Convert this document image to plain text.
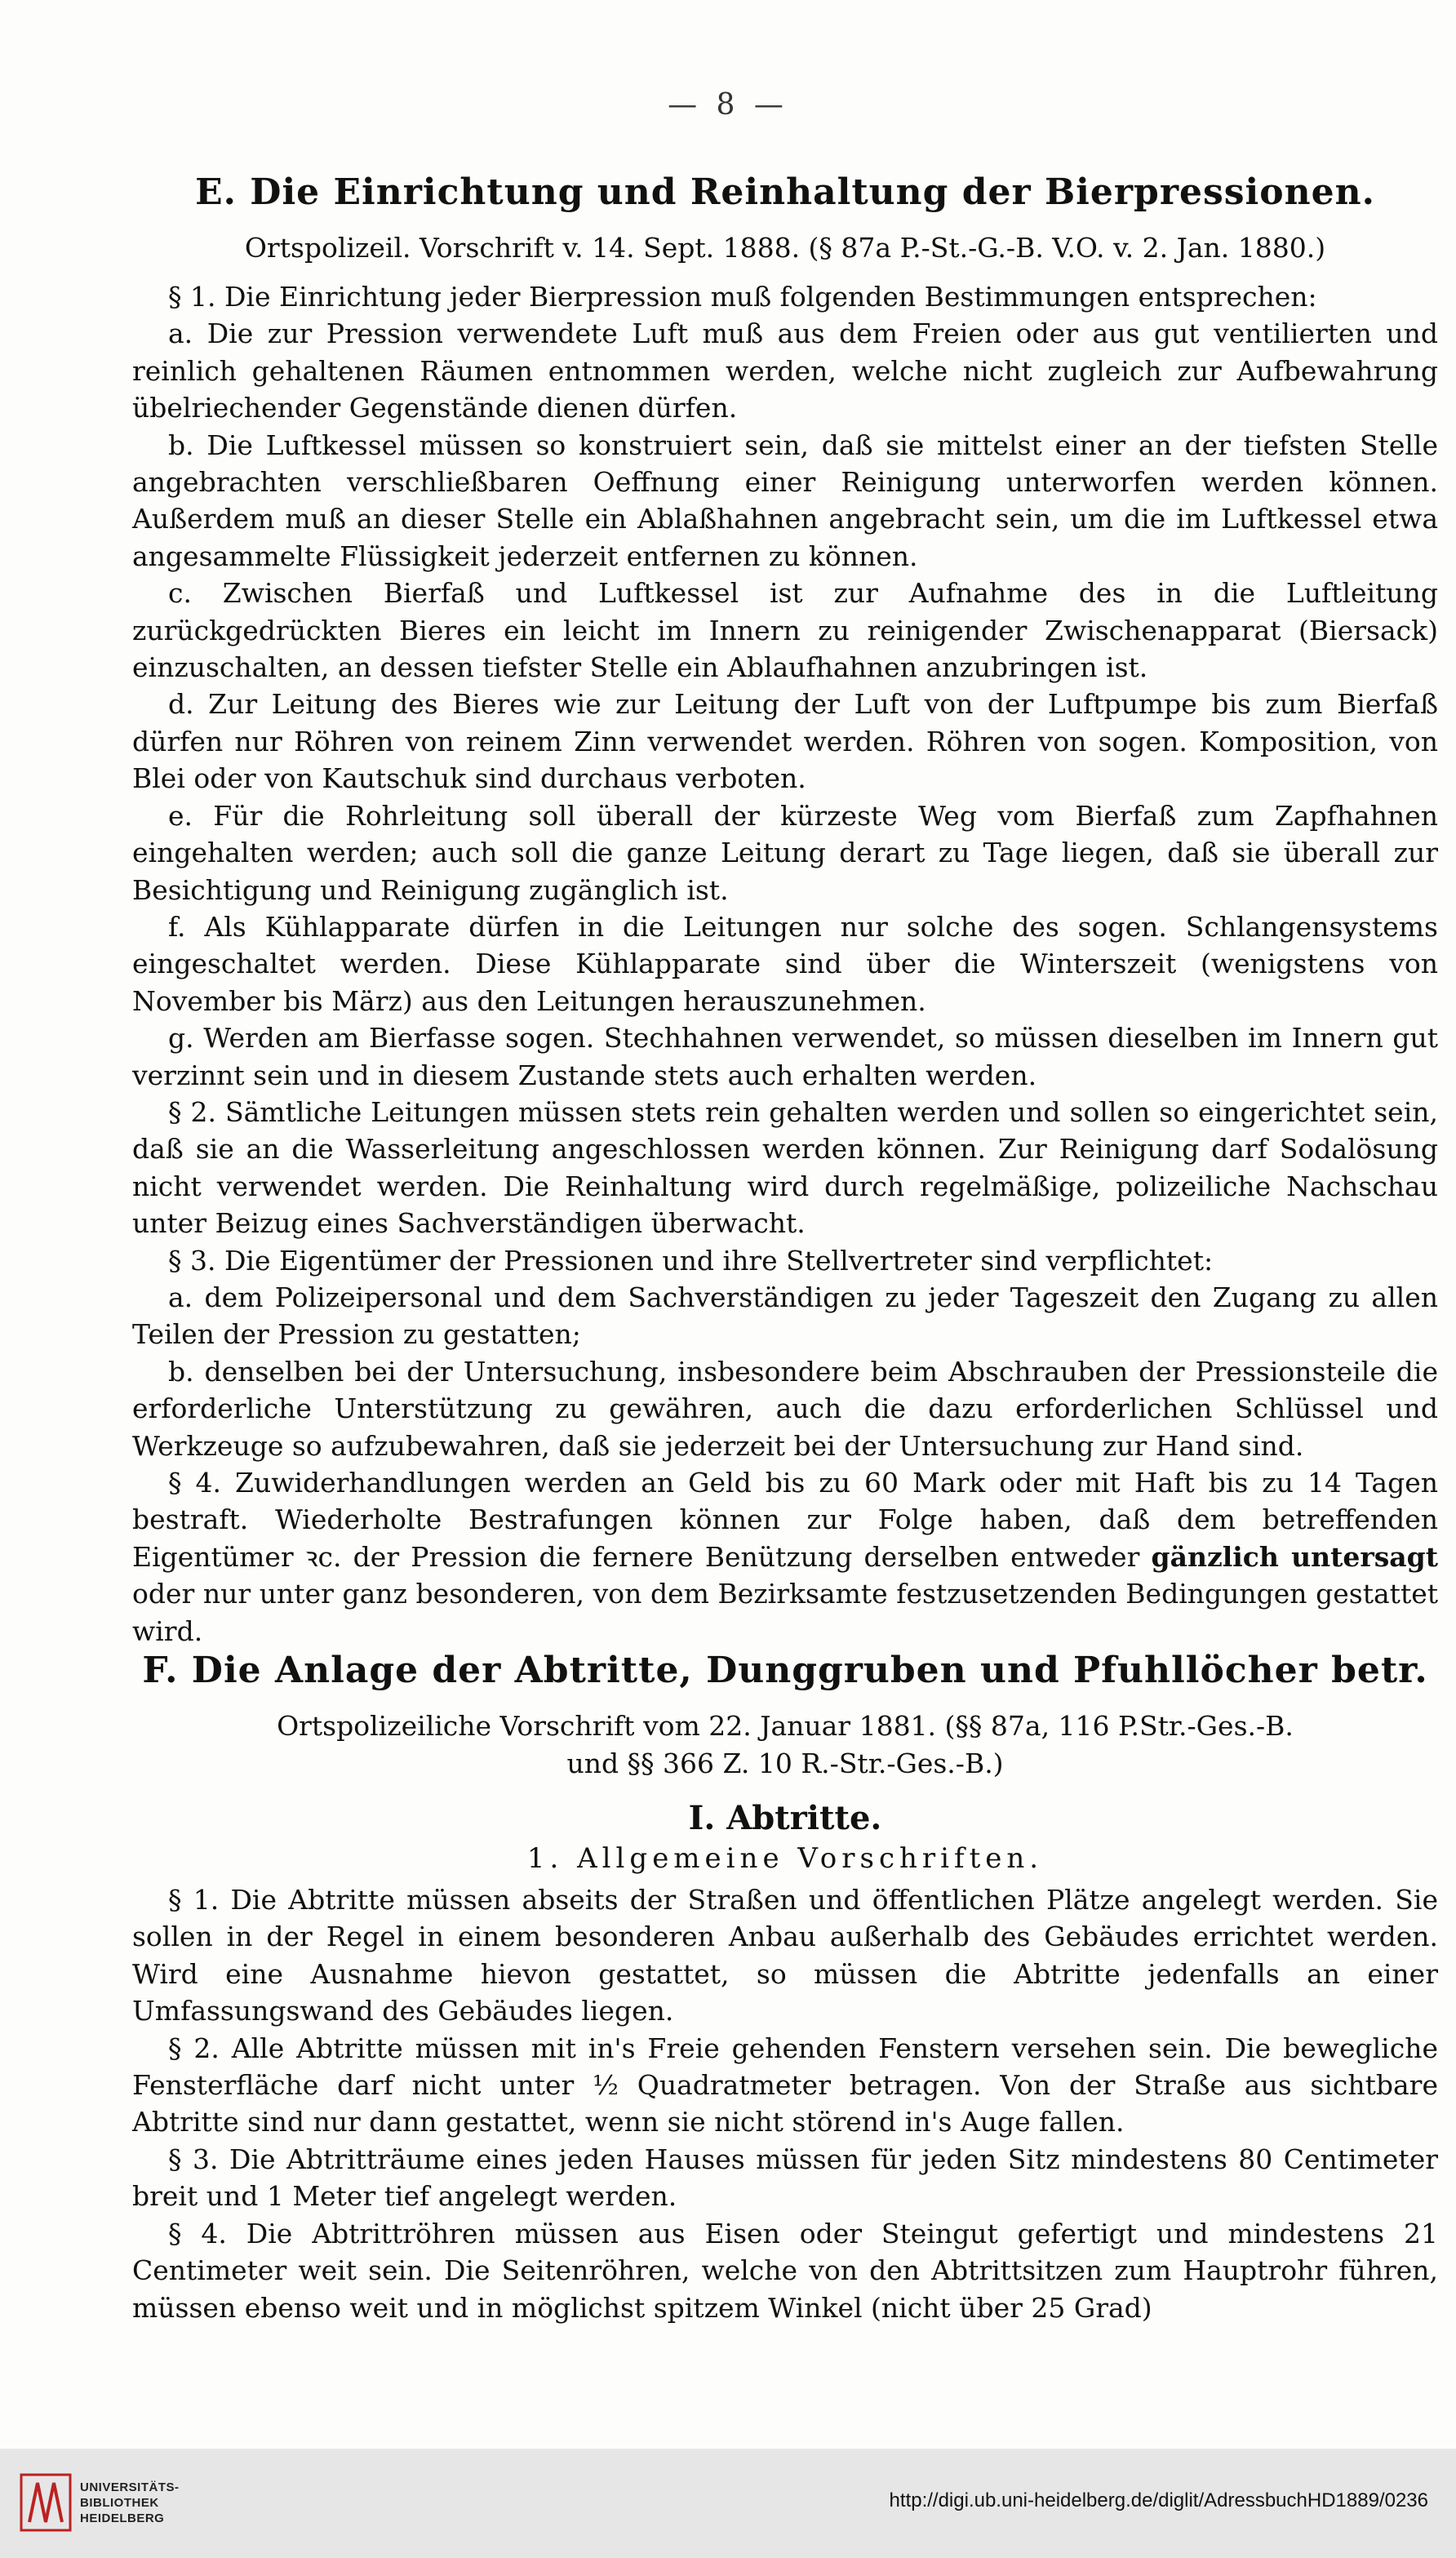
— 8 —
E. Die Einrichtung und Reinhaltung der Bierpressionen.
Ortspolizeil. Vorschrift v. 14. Sept. 1888. (§ 87a P.-St.-G.-B. V.O. v. 2. Jan. 1880.)

§ 1. Die Einrichtung jeder Bierpression muß folgenden Bestimmungen entsprechen:

a. Die zur Pression verwendete Luft muß aus dem Freien oder aus gut ventilierten und reinlich gehaltenen Räumen entnommen werden, welche nicht zugleich zur Aufbewahrung übelriechender Gegenstände dienen dürfen.

b. Die Luftkessel müssen so konstruiert sein, daß sie mittelst einer an der tiefsten Stelle angebrachten verschließbaren Oeffnung einer Reinigung unterworfen werden können. Außerdem muß an dieser Stelle ein Ablaßhahnen angebracht sein, um die im Luftkessel etwa angesammelte Flüssigkeit jederzeit entfernen zu können.

c. Zwischen Bierfaß und Luftkessel ist zur Aufnahme des in die Luftleitung zurückgedrückten Bieres ein leicht im Innern zu reinigender Zwischenapparat (Biersack) einzuschalten, an dessen tiefster Stelle ein Ablaufhahnen anzubringen ist.

d. Zur Leitung des Bieres wie zur Leitung der Luft von der Luftpumpe bis zum Bierfaß dürfen nur Röhren von reinem Zinn verwendet werden. Röhren von sogen. Komposition, von Blei oder von Kautschuk sind durchaus verboten.

e. Für die Rohrleitung soll überall der kürzeste Weg vom Bierfaß zum Zapfhahnen eingehalten werden; auch soll die ganze Leitung derart zu Tage liegen, daß sie überall zur Besichtigung und Reinigung zugänglich ist.

f. Als Kühlapparate dürfen in die Leitungen nur solche des sogen. Schlangensystems eingeschaltet werden. Diese Kühlapparate sind über die Winterszeit (wenigstens von November bis März) aus den Leitungen herauszunehmen.

g. Werden am Bierfasse sogen. Stechhahnen verwendet, so müssen dieselben im Innern gut verzinnt sein und in diesem Zustande stets auch erhalten werden.

§ 2. Sämtliche Leitungen müssen stets rein gehalten werden und sollen so eingerichtet sein, daß sie an die Wasserleitung angeschlossen werden können. Zur Reinigung darf Sodalösung nicht verwendet werden. Die Reinhaltung wird durch regelmäßige, polizeiliche Nachschau unter Beizug eines Sachverständigen überwacht.

§ 3. Die Eigentümer der Pressionen und ihre Stellvertreter sind verpflichtet:

a. dem Polizeipersonal und dem Sachverständigen zu jeder Tageszeit den Zugang zu allen Teilen der Pression zu gestatten;

b. denselben bei der Untersuchung, insbesondere beim Abschrauben der Pressionsteile die erforderliche Unterstützung zu gewähren, auch die dazu erforderlichen Schlüssel und Werkzeuge so aufzubewahren, daß sie jederzeit bei der Untersuchung zur Hand sind.

§ 4. Zuwiderhandlungen werden an Geld bis zu 60 Mark oder mit Haft bis zu 14 Tagen bestraft. Wiederholte Bestrafungen können zur Folge haben, daß dem betreffenden Eigentümer ꝛc. der Pression die fernere Benützung derselben entweder gänzlich untersagt oder nur unter ganz besonderen, von dem Bezirksamte festzusetzenden Bedingungen gestattet wird.

F. Die Anlage der Abtritte, Dunggruben und Pfuhllöcher betr.
Ortspolizeiliche Vorschrift vom 22. Januar 1881. (§§ 87a, 116 P.Str.-Ges.-B.
und §§ 366 Z. 10 R.-Str.-Ges.-B.)
I. Abtritte.
1. Allgemeine Vorschriften.

§ 1. Die Abtritte müssen abseits der Straßen und öffentlichen Plätze angelegt werden. Sie sollen in der Regel in einem besonderen Anbau außerhalb des Gebäudes errichtet werden. Wird eine Ausnahme hievon gestattet, so müssen die Abtritte jedenfalls an einer Umfassungswand des Gebäudes liegen.

§ 2. Alle Abtritte müssen mit in's Freie gehenden Fenstern versehen sein. Die bewegliche Fensterfläche darf nicht unter ½ Quadratmeter betragen. Von der Straße aus sichtbare Abtritte sind nur dann gestattet, wenn sie nicht störend in's Auge fallen.

§ 3. Die Abtritträume eines jeden Hauses müssen für jeden Sitz mindestens 80 Centimeter breit und 1 Meter tief angelegt werden.

§ 4. Die Abtrittröhren müssen aus Eisen oder Steingut gefertigt und mindestens 21 Centimeter weit sein. Die Seitenröhren, welche von den Abtrittsitzen zum Hauptrohr führen, müssen ebenso weit und in möglichst spitzem Winkel (nicht über 25 Grad)

UNIVERSITÄTS-
BIBLIOTHEK
HEIDELBERG
http://digi.ub.uni-heidelberg.de/diglit/AdressbuchHD1889/0236
